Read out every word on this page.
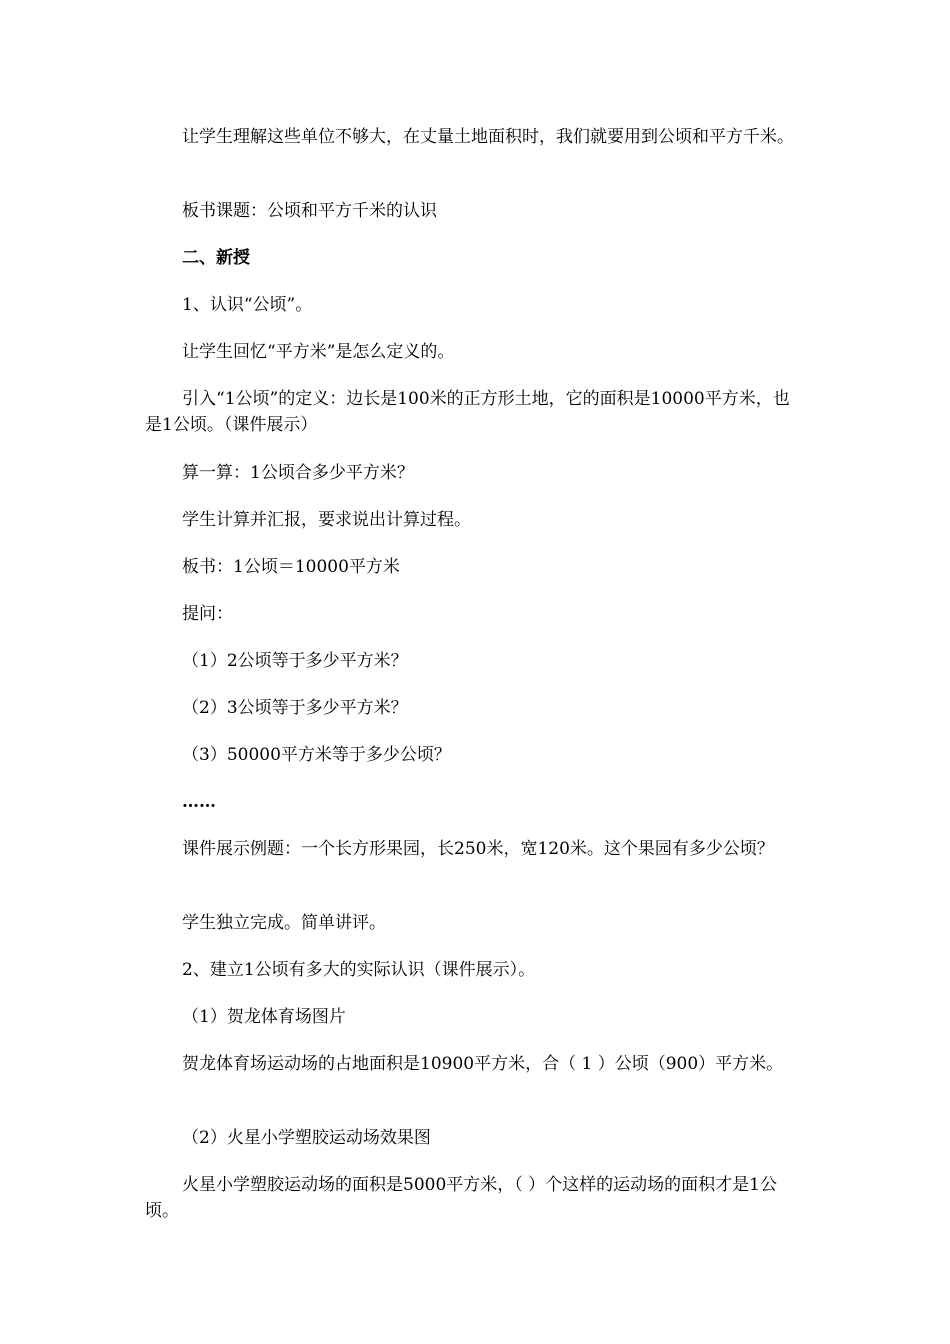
让学生理解这些单位不够大，在丈量土地面积时，我们就要用到公顷和平方千米。

板书课题：公顷和平方千米的认识

二、新授

1、认识“公顷”。

让学生回忆“平方米”是怎么定义的。

引入“1公顷”的定义：边长是100米的正方形土地，它的面积是10000平方米，也是1公顷。（课件展示）

算一算：1公顷合多少平方米？

学生计算并汇报，要求说出计算过程。

板书：1公顷＝10000平方米

提问：

（1）2公顷等于多少平方米？

（2）3公顷等于多少平方米？

（3）50000平方米等于多少公顷？

……

课件展示例题：一个长方形果园，长250米，宽120米。这个果园有多少公顷？

学生独立完成。简单讲评。

2、建立1公顷有多大的实际认识（课件展示）。

（1）贺龙体育场图片

贺龙体育场运动场的占地面积是10900平方米，合（ 1 ）公顷（900）平方米。

（2）火星小学塑胶运动场效果图

火星小学塑胶运动场的面积是5000平方米，（ ）个这样的运动场的面积才是1公顷。
